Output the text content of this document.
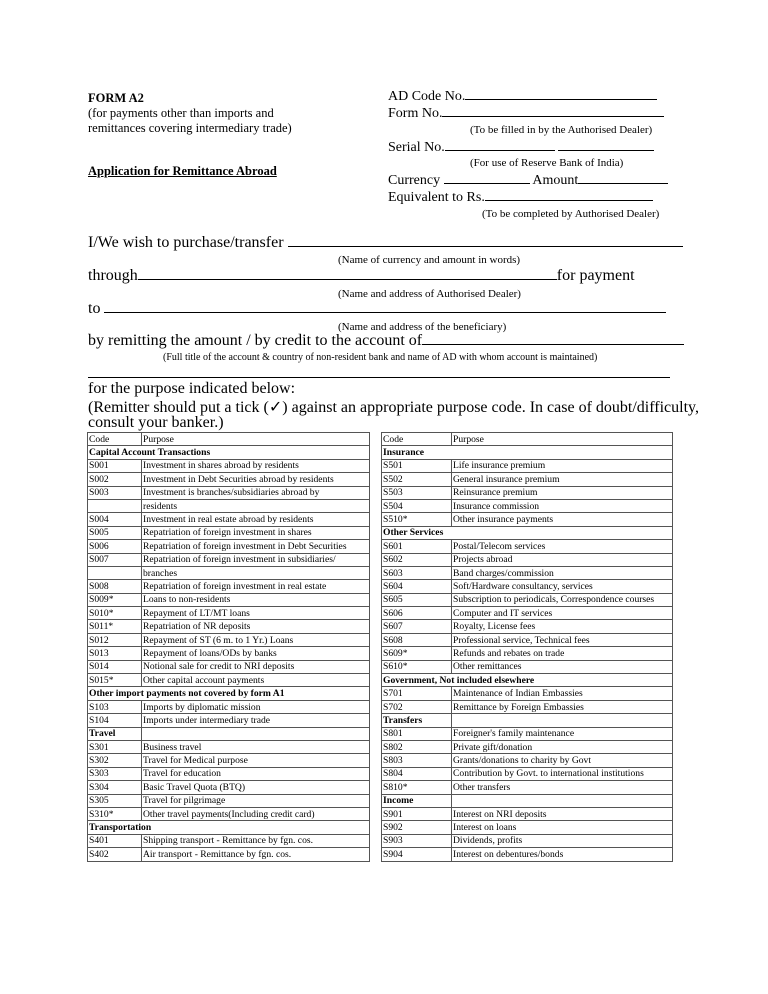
FORM A2
(for payments other than imports and
remittances covering intermediary trade)
Application for Remittance Abroad
AD Code No.
Form No.
(To be filled in by the Authorised Dealer)
Serial No.
(For use of Reserve Bank of India)
Currency	Amount
Equivalent to Rs.
(To be completed by Authorised Dealer)
I/We wish to purchase/transfer
(Name of currency and amount in words)
through	for payment
(Name and address of Authorised Dealer)
to
(Name and address of the beneficiary)
by remitting the amount / by credit to the account of
(Full title of the account & country of non-resident bank and name of AD with whom account is maintained)
for the purpose indicated below:
(Remitter should put a tick (✓) against an appropriate purpose code. In case of doubt/difficulty,
consult your banker.)
Code	Purpose
Capital Account Transactions	
S001	Investment in shares abroad by residents
S002	Investment in Debt Securities abroad by residents
S003	Investment is branches/subsidiaries abroad by
	residents
S004	Investment in real estate abroad by residents
S005	Repatriation of foreign investment in shares
S006	Repatriation of foreign investment in Debt Securities
S007	Repatriation of foreign investment in subsidiaries/
	branches
S008	Repatriation of foreign investment in real estate
S009*	Loans to non-residents
S010*	Repayment of LT/MT loans
S011*	Repatriation of NR deposits
S012	Repayment of ST (6 m. to 1 Yr.) Loans
S013	Repayment of loans/ODs by banks
S014	Notional sale for credit to NRI deposits
S015*	Other capital account payments
Other import payments not covered by form A1	
S103	Imports by diplomatic mission
S104	Imports under intermediary trade
Travel	
S301	Business travel
S302	Travel for Medical purpose
S303	Travel for education
S304	Basic Travel Quota (BTQ)
S305	Travel for pilgrimage
S310*	Other travel payments(Including credit card)
Transportation	
S401	Shipping transport - Remittance by fgn. cos.
S402	Air transport - Remittance by fgn. cos.
Code	Purpose
Insurance	
S501	Life insurance premium
S502	General insurance premium
S503	Reinsurance premium
S504	Insurance commission
S510*	Other insurance payments
Other Services	
S601	Postal/Telecom services
S602	Projects abroad
S603	Band charges/commission
S604	Soft/Hardware consultancy, services
S605	Subscription to periodicals, Correspondence courses
S606	Computer and IT services
S607	Royalty, License fees
S608	Professional service, Technical fees
S609*	Refunds and rebates on trade
S610*	Other remittances
Government, Not included elsewhere	
S701	Maintenance of Indian Embassies
S702	Remittance by Foreign Embassies
Transfers	
S801	Foreigner's family maintenance
S802	Private gift/donation
S803	Grants/donations to charity by Govt
S804	Contribution by Govt. to international institutions
S810*	Other transfers
Income	
S901	Interest on NRI deposits
S902	Interest on loans
S903	Dividends, profits
S904	Interest on debentures/bonds
